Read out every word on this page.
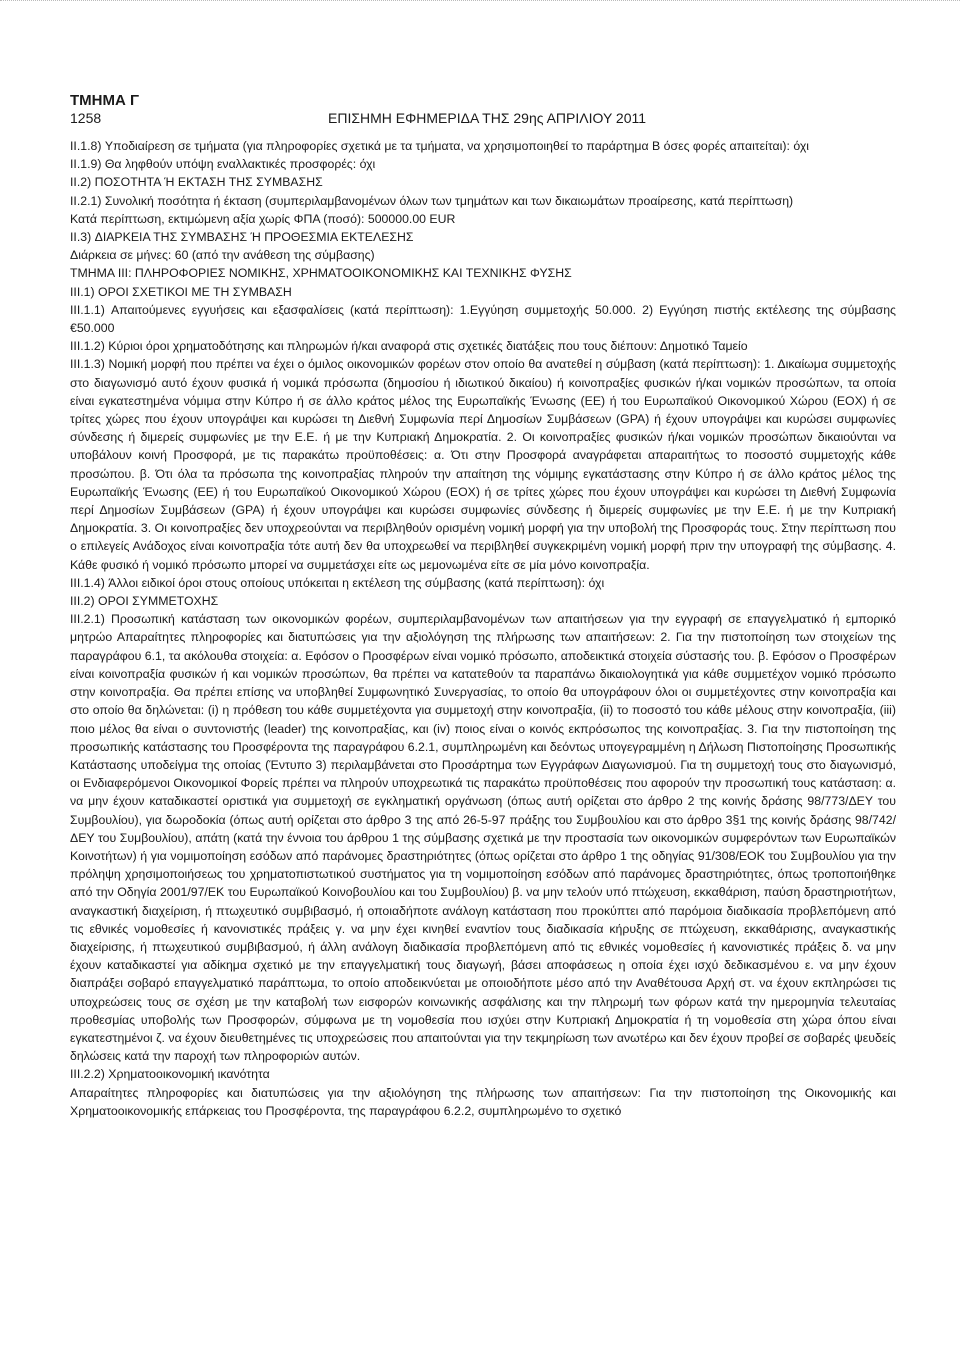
ΤΜΗΜΑ Γ
1258	ΕΠΙΣΗΜΗ ΕΦΗΜΕΡΙΔΑ ΤΗΣ 29ης ΑΠΡΙΛΙΟΥ 2011

II.1.8) Υποδιαίρεση σε τμήματα (για πληροφορίες σχετικά με τα τμήματα, να χρησιμοποιηθεί το παράρτημα Β όσες φορές απαιτείται): όχι

II.1.9) Θα ληφθούν υπόψη εναλλακτικές προσφορές: όχι

II.2) ΠΟΣΟΤΗΤΑ Ή ΕΚΤΑΣΗ ΤΗΣ ΣΥΜΒΑΣΗΣ

II.2.1) Συνολική ποσότητα ή έκταση (συμπεριλαμβανομένων όλων των τμημάτων και των δικαιωμάτων προαίρεσης, κατά περίπτωση)

Κατά περίπτωση, εκτιμώμενη αξία χωρίς ΦΠΑ (ποσό): 500000.00 EUR

II.3) ΔΙΑΡΚΕΙΑ ΤΗΣ ΣΥΜΒΑΣΗΣ Ή ΠΡΟΘΕΣΜΙΑ ΕΚΤΕΛΕΣΗΣ

Διάρκεια σε μήνες: 60 (από την ανάθεση της σύμβασης)

ΤΜΗΜΑ III: ΠΛΗΡΟΦΟΡΙΕΣ ΝΟΜΙΚΗΣ, ΧΡΗΜΑΤΟΟΙΚΟΝΟΜΙΚΗΣ ΚΑΙ ΤΕΧΝΙΚΗΣ ΦΥΣΗΣ

III.1) ΟΡΟΙ ΣΧΕΤΙΚΟΙ ΜΕ ΤΗ ΣΥΜΒΑΣΗ

III.1.1) Απαιτούμενες εγγυήσεις και εξασφαλίσεις (κατά περίπτωση): 1.Εγγύηση συμμετοχής 50.000. 2) Εγγύηση πιστής εκτέλεσης της σύμβασης €50.000

III.1.2) Κύριοι όροι χρηματοδότησης και πληρωμών ή/και αναφορά στις σχετικές διατάξεις που τους διέπουν: Δημοτικό Ταμείο

III.1.3) Νομική μορφή που πρέπει να έχει ο όμιλος οικονομικών φορέων στον οποίο θα ανατεθεί η σύμβαση (κατά περίπτωση): 1. Δικαίωμα συμμετοχής στο διαγωνισμό αυτό έχουν φυσικά ή νομικά πρόσωπα (δημοσίου ή ιδιωτικού δικαίου) ή κοινοπραξίες φυσικών ή/και νομικών προσώπων, τα οποία είναι εγκατεστημένα νόμιμα στην Κύπρο ή σε άλλο κράτος μέλος της Ευρωπαϊκής Ένωσης (ΕΕ) ή του Ευρωπαϊκού Οικονομικού Χώρου (ΕΟΧ) ή σε τρίτες χώρες που έχουν υπογράψει και κυρώσει τη Διεθνή Συμφωνία περί Δημοσίων Συμβάσεων (GPA) ή έχουν υπογράψει και κυρώσει συμφωνίες σύνδεσης ή διμερείς συμφωνίες με την Ε.Ε. ή με την Κυπριακή Δημοκρατία. 2. Οι κοινοπραξίες φυσικών ή/και νομικών προσώπων δικαιούνται να υποβάλουν κοινή Προσφορά, με τις παρακάτω προϋποθέσεις: α. Ότι στην Προσφορά αναγράφεται απαραιτήτως το ποσοστό συμμετοχής κάθε προσώπου. β. Ότι όλα τα πρόσωπα της κοινοπραξίας πληρούν την απαίτηση της νόμιμης εγκατάστασης στην Κύπρο ή σε άλλο κράτος μέλος της Ευρωπαϊκής Ένωσης (ΕΕ) ή του Ευρωπαϊκού Οικονομικού Χώρου (ΕΟΧ) ή σε τρίτες χώρες που έχουν υπογράψει και κυρώσει τη Διεθνή Συμφωνία περί Δημοσίων Συμβάσεων (GPA) ή έχουν υπογράψει και κυρώσει συμφωνίες σύνδεσης ή διμερείς συμφωνίες με την Ε.Ε. ή με την Κυπριακή Δημοκρατία. 3. Οι κοινοπραξίες δεν υποχρεούνται να περιβληθούν ορισμένη νομική μορφή για την υποβολή της Προσφοράς τους. Στην περίπτωση που ο επιλεγείς Ανάδοχος είναι κοινοπραξία τότε αυτή δεν θα υποχρεωθεί να περιβληθεί συγκεκριμένη νομική μορφή πριν την υπογραφή της σύμβασης. 4. Κάθε φυσικό ή νομικό πρόσωπο μπορεί να συμμετάσχει είτε ως μεμονωμένα είτε σε μία μόνο κοινοπραξία.

III.1.4) Άλλοι ειδικοί όροι στους οποίους υπόκειται η εκτέλεση της σύμβασης (κατά περίπτωση): όχι

III.2) ΟΡΟΙ ΣΥΜΜΕΤΟΧΗΣ

III.2.1) Προσωπική κατάσταση των οικονομικών φορέων, συμπεριλαμβανομένων των απαιτήσεων για την εγγραφή σε επαγγελματικό ή εμπορικό μητρώο Απαραίτητες πληροφορίες και διατυπώσεις για την αξιολόγηση της πλήρωσης των απαιτήσεων: 2. Για την πιστοποίηση των στοιχείων της παραγράφου 6.1, τα ακόλουθα στοιχεία: α. Εφόσον ο Προσφέρων είναι νομικό πρόσωπο, αποδεικτικά στοιχεία σύστασής του. β. Εφόσον ο Προσφέρων είναι κοινοπραξία φυσικών ή και νομικών προσώπων, θα πρέπει να κατατεθούν τα παραπάνω δικαιολογητικά για κάθε συμμετέχον νομικό πρόσωπο στην κοινοπραξία. Θα πρέπει επίσης να υποβληθεί Συμφωνητικό Συνεργασίας, το οποίο θα υπογράφουν όλοι οι συμμετέχοντες στην κοινοπραξία και στο οποίο θα δηλώνεται: (i) η πρόθεση του κάθε συμμετέχοντα για συμμετοχή στην κοινοπραξία, (ii) το ποσοστό του κάθε μέλους στην κοινοπραξία, (iii) ποιο μέλος θα είναι ο συντονιστής (leader) της κοινοπραξίας, και (iv) ποιος είναι ο κοινός εκπρόσωπος της κοινοπραξίας. 3. Για την πιστοποίηση της προσωπικής κατάστασης του Προσφέροντα της παραγράφου 6.2.1, συμπληρωμένη και δεόντως υπογεγραμμένη η Δήλωση Πιστοποίησης Προσωπικής Κατάστασης υποδείγμα της οποίας (Έντυπο 3) περιλαμβάνεται στο Προσάρτημα των Εγγράφων Διαγωνισμού. Για τη συμμετοχή τους στο διαγωνισμό, οι Ενδιαφερόμενοι Οικονομικοί Φορείς πρέπει να πληρούν υποχρεωτικά τις παρακάτω προϋποθέσεις που αφορούν την προσωπική τους κατάσταση: α. να μην έχουν καταδικαστεί οριστικά για συμμετοχή σε εγκληματική οργάνωση (όπως αυτή ορίζεται στο άρθρο 2 της κοινής δράσης 98/773/ΔΕΥ του Συμβουλίου), για δωροδοκία (όπως αυτή ορίζεται στο άρθρο 3 της από 26-5-97 πράξης του Συμβουλίου και στο άρθρο 3§1 της κοινής δράσης 98/742/ΔΕΥ του Συμβουλίου), απάτη (κατά την έννοια του άρθρου 1 της σύμβασης σχετικά με την προστασία των οικονομικών συμφερόντων των Ευρωπαϊκών Κοινοτήτων) ή για νομιμοποίηση εσόδων από παράνομες δραστηριότητες (όπως ορίζεται στο άρθρο 1 της οδηγίας 91/308/ΕΟΚ του Συμβουλίου για την πρόληψη χρησιμοποιήσεως του χρηματοπιστωτικού συστήματος για τη νομιμοποίηση εσόδων από παράνομες δραστηριότητες, όπως τροποποιήθηκε από την Οδηγία 2001/97/ΕΚ του Ευρωπαϊκού Κοινοβουλίου και του Συμβουλίου) β. να μην τελούν υπό πτώχευση, εκκαθάριση, παύση δραστηριοτήτων, αναγκαστική διαχείριση, ή πτωχευτικό συμβιβασμό, ή οποιαδήποτε ανάλογη κατάσταση που προκύπτει από παρόμοια διαδικασία προβλεπόμενη από τις εθνικές νομοθεσίες ή κανονιστικές πράξεις γ. να μην έχει κινηθεί εναντίον τους διαδικασία κήρυξης σε πτώχευση, εκκαθάρισης, αναγκαστικής διαχείρισης, ή πτωχευτικού συμβιβασμού, ή άλλη ανάλογη διαδικασία προβλεπόμενη από τις εθνικές νομοθεσίες ή κανονιστικές πράξεις δ. να μην έχουν καταδικαστεί για αδίκημα σχετικό με την επαγγελματική τους διαγωγή, βάσει αποφάσεως η οποία έχει ισχύ δεδικασμένου ε. να μην έχουν διαπράξει σοβαρό επαγγελματικό παράπτωμα, το οποίο αποδεικνύεται με οποιοδήποτε μέσο από την Αναθέτουσα Αρχή στ. να έχουν εκπληρώσει τις υποχρεώσεις τους σε σχέση με την καταβολή των εισφορών κοινωνικής ασφάλισης και την πληρωμή των φόρων κατά την ημερομηνία τελευταίας προθεσμίας υποβολής των Προσφορών, σύμφωνα με τη νομοθεσία που ισχύει στην Κυπριακή Δημοκρατία ή τη νομοθεσία στη χώρα όπου είναι εγκατεστημένοι ζ. να έχουν διευθετημένες τις υποχρεώσεις που απαιτούνται για την τεκμηρίωση των ανωτέρω και δεν έχουν προβεί σε σοβαρές ψευδείς δηλώσεις κατά την παροχή των πληροφοριών αυτών.

III.2.2) Χρηματοοικονομική ικανότητα

Απαραίτητες πληροφορίες και διατυπώσεις για την αξιολόγηση της πλήρωσης των απαιτήσεων: Για την πιστοποίηση της Οικονομικής και Χρηματοοικονομικής επάρκειας του Προσφέροντα, της παραγράφου 6.2.2, συμπληρωμένο το σχετικό
